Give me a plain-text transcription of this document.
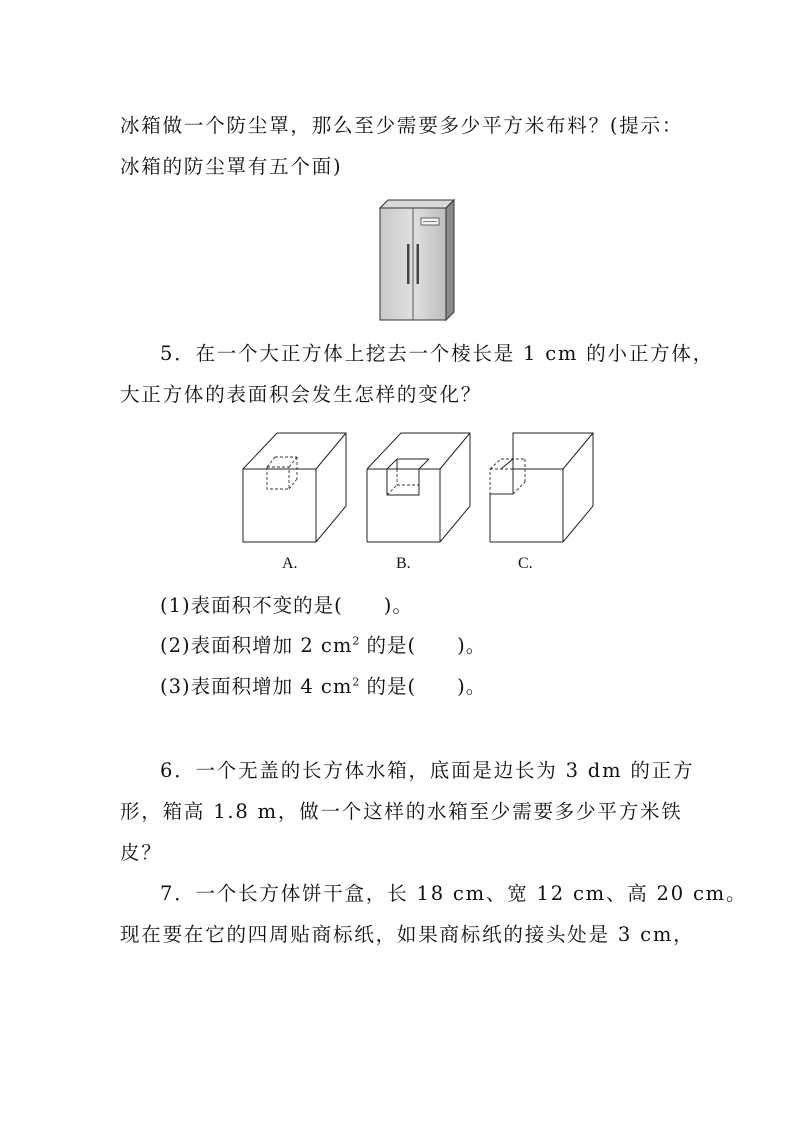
冰箱做一个防尘罩，那么至少需要多少平方米布料？(提示：
冰箱的防尘罩有五个面)
5．在一个大正方体上挖去一个棱长是 1 cm 的小正方体，
大正方体的表面积会发生怎样的变化？
A.	B.	C.
(1)表面积不变的是(　　)。
(2)表面积增加 2 $cm^2$ 的是(　　)。
(3)表面积增加 4 $cm^2$ 的是(　　)。
6．一个无盖的长方体水箱，底面是边长为 3 dm 的正方
形，箱高 1.8 m，做一个这样的水箱至少需要多少平方米铁
皮？
7．一个长方体饼干盒，长 18 cm、宽 12 cm、高 20 cm。
现在要在它的四周贴商标纸，如果商标纸的接头处是 3 cm，
